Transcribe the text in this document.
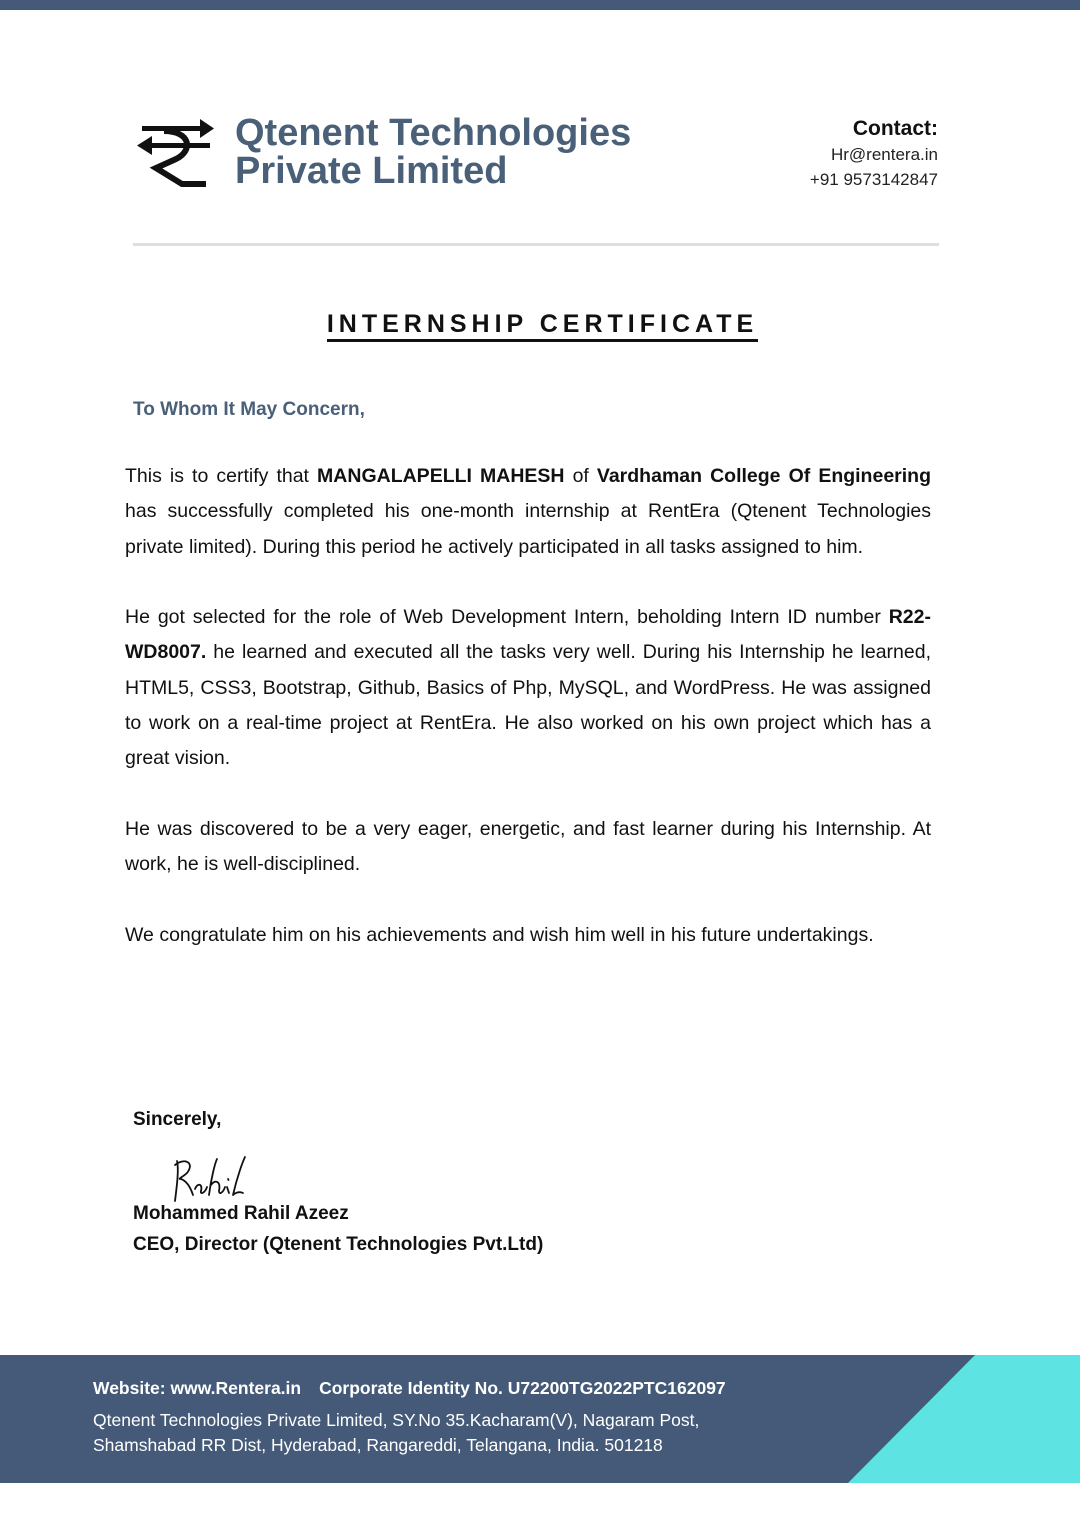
Qtenent Technologies
Private Limited
Contact:
Hr@rentera.in
+91 9573142847
INTERNSHIP CERTIFICATE
To Whom It May Concern,

This is to certify that MANGALAPELLI MAHESH of Vardhaman College Of Engineering has successfully completed his one-month internship at RentEra (Qtenent Technologies private limited). During this period he actively participated in all tasks assigned to him.

He got selected for the role of Web Development Intern, beholding Intern ID number R22-WD8007. he learned and executed all the tasks very well. During his Internship he learned, HTML5, CSS3, Bootstrap, Github, Basics of Php, MySQL, and WordPress. He was assigned to work on a real-time project at RentEra. He also worked on his own project which has a great vision.

He was discovered to be a very eager, energetic, and fast learner during his Internship. At work, he is well-disciplined.

We congratulate him on his achievements and wish him well in his future undertakings.

Sincerely,
Mohammed Rahil Azeez
CEO, Director (Qtenent Technologies Pvt.Ltd)
Website: www.Rentera.in Corporate Identity No. U72200TG2022PTC162097
Qtenent Technologies Private Limited, SY.No 35.Kacharam(V), Nagaram Post,
Shamshabad RR Dist, Hyderabad, Rangareddi, Telangana, India. 501218
